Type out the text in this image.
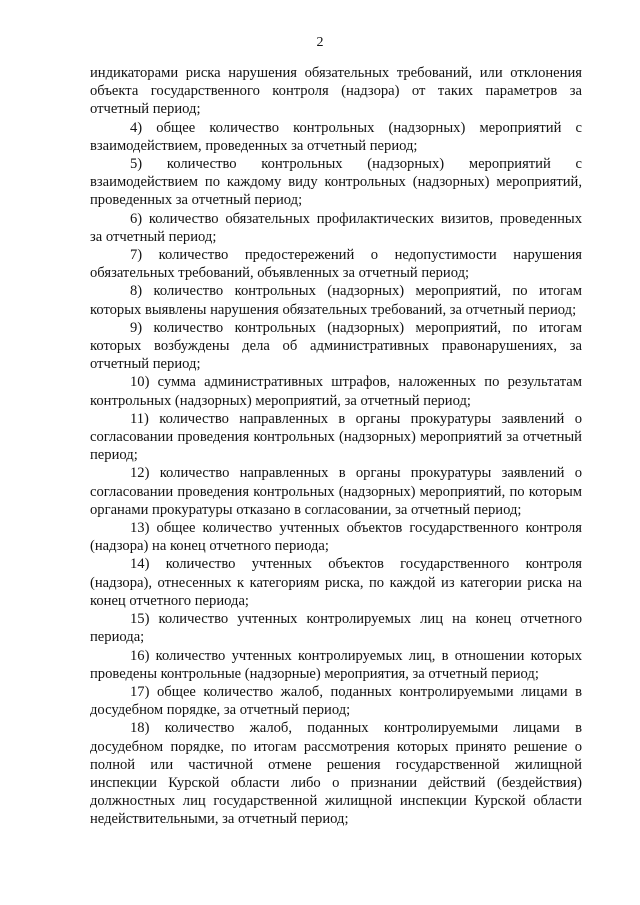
2

индикаторами риска нарушения обязательных требований, или отклонения объекта государственного контроля (надзора) от таких параметров за отчетный период;

4) общее количество контрольных (надзорных) мероприятий с взаимодействием, проведенных за отчетный период;

5) количество контрольных (надзорных) мероприятий с взаимодействием по каждому виду контрольных (надзорных) мероприятий, проведенных за отчетный период;

6) количество обязательных профилактических визитов, проведенных за отчетный период;

7) количество предостережений о недопустимости нарушения обязательных требований, объявленных за отчетный период;

8) количество контрольных (надзорных) мероприятий, по итогам которых выявлены нарушения обязательных требований, за отчетный период;

9) количество контрольных (надзорных) мероприятий, по итогам которых возбуждены дела об административных правонарушениях, за отчетный период;

10) сумма административных штрафов, наложенных по результатам контрольных (надзорных) мероприятий, за отчетный период;

11) количество направленных в органы прокуратуры заявлений о согласовании проведения контрольных (надзорных) мероприятий за отчетный период;

12) количество направленных в органы прокуратуры заявлений о согласовании проведения контрольных (надзорных) мероприятий, по которым органами прокуратуры отказано в согласовании, за отчетный период;

13) общее количество учтенных объектов государственного контроля (надзора) на конец отчетного периода;

14) количество учтенных объектов государственного контроля (надзора), отнесенных к категориям риска, по каждой из категории риска на конец отчетного периода;

15) количество учтенных контролируемых лиц на конец отчетного периода;

16) количество учтенных контролируемых лиц, в отношении которых проведены контрольные (надзорные) мероприятия, за отчетный период;

17) общее количество жалоб, поданных контролируемыми лицами в досудебном порядке, за отчетный период;

18) количество жалоб, поданных контролируемыми лицами в досудебном порядке, по итогам рассмотрения которых принято решение о полной или частичной отмене решения государственной жилищной инспекции Курской области либо о признании действий (бездействия) должностных лиц государственной жилищной инспекции Курской области недействительными, за отчетный период;
